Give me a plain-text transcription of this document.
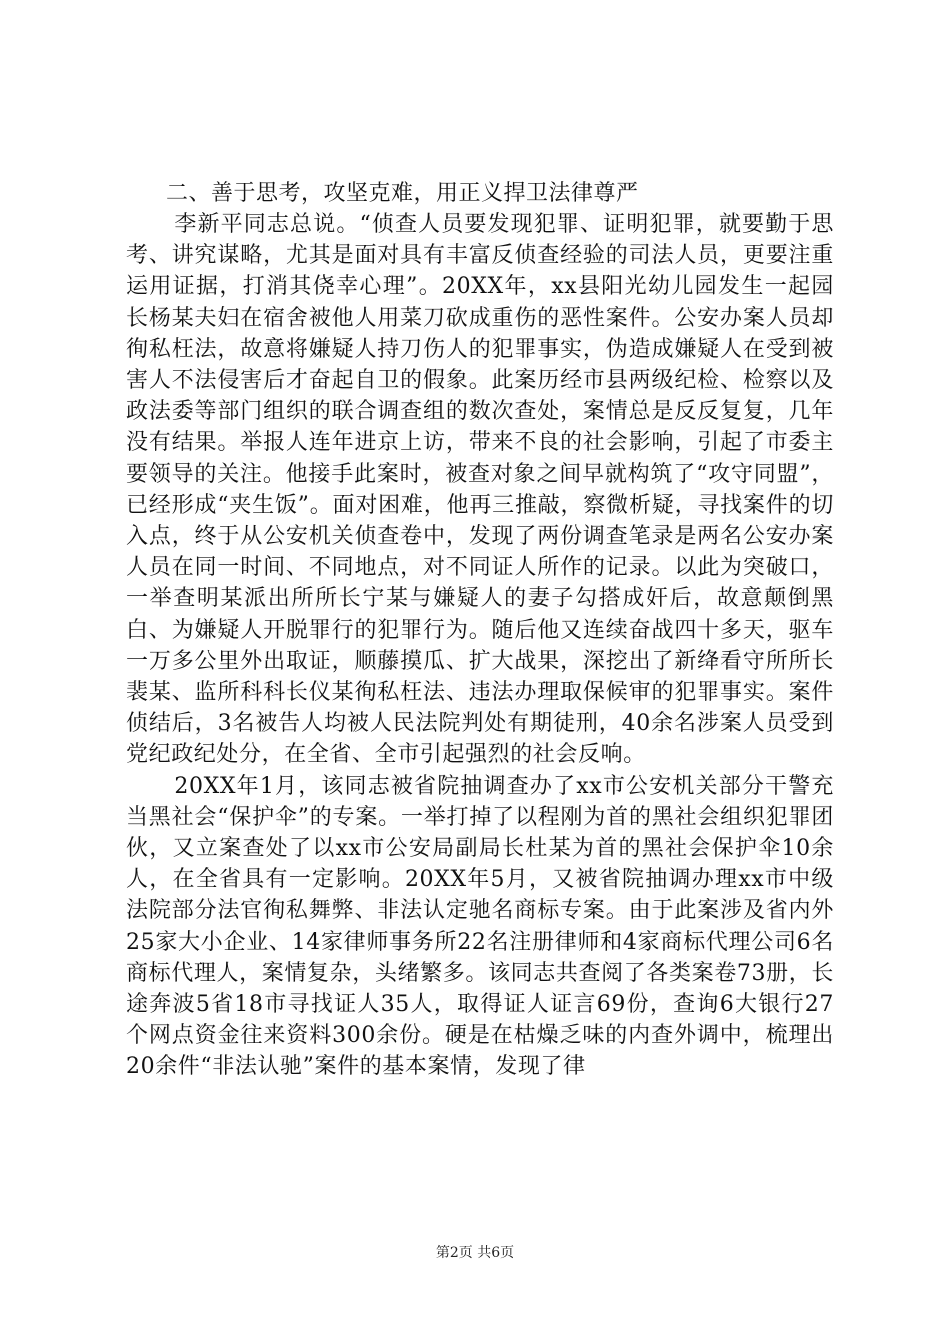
二、善于思考，攻坚克难，用正义捍卫法律尊严

李新平同志总说。“侦查人员要发现犯罪、证明犯罪，就要勤于思考、讲究谋略，尤其是面对具有丰富反侦查经验的司法人员，更要注重运用证据，打消其侥幸心理”。20XX年，xx县阳光幼儿园发生一起园长杨某夫妇在宿舍被他人用菜刀砍成重伤的恶性案件。公安办案人员却徇私枉法，故意将嫌疑人持刀伤人的犯罪事实，伪造成嫌疑人在受到被害人不法侵害后才奋起自卫的假象。此案历经市县两级纪检、检察以及政法委等部门组织的联合调查组的数次查处，案情总是反反复复，几年没有结果。举报人连年进京上访，带来不良的社会影响，引起了市委主要领导的关注。他接手此案时，被查对象之间早就构筑了“攻守同盟”，已经形成“夹生饭”。面对困难，他再三推敲，察微析疑，寻找案件的切入点，终于从公安机关侦查卷中，发现了两份调查笔录是两名公安办案人员在同一时间、不同地点，对不同证人所作的记录。以此为突破口，一举查明某派出所所长宁某与嫌疑人的妻子勾搭成奸后，故意颠倒黑白、为嫌疑人开脱罪行的犯罪行为。随后他又连续奋战四十多天，驱车一万多公里外出取证，顺藤摸瓜、扩大战果，深挖出了新绛看守所所长裴某、监所科科长仪某徇私枉法、违法办理取保候审的犯罪事实。案件侦结后，3名被告人均被人民法院判处有期徒刑，40余名涉案人员受到党纪政纪处分，在全省、全市引起强烈的社会反响。

20XX年1月，该同志被省院抽调查办了xx市公安机关部分干警充当黑社会“保护伞”的专案。一举打掉了以程刚为首的黑社会组织犯罪团伙，又立案查处了以xx市公安局副局长杜某为首的黑社会保护伞10余人，在全省具有一定影响。20XX年5月，又被省院抽调办理xx市中级法院部分法官徇私舞弊、非法认定驰名商标专案。由于此案涉及省内外25家大小企业、14家律师事务所22名注册律师和4家商标代理公司6名商标代理人，案情复杂，头绪繁多。该同志共查阅了各类案卷73册，长途奔波5省18市寻找证人35人，取得证人证言69份，查询6大银行27个网点资金往来资料300余份。硬是在枯燥乏味的内查外调中，梳理出20余件“非法认驰”案件的基本案情，发现了律

第2页 共6页
